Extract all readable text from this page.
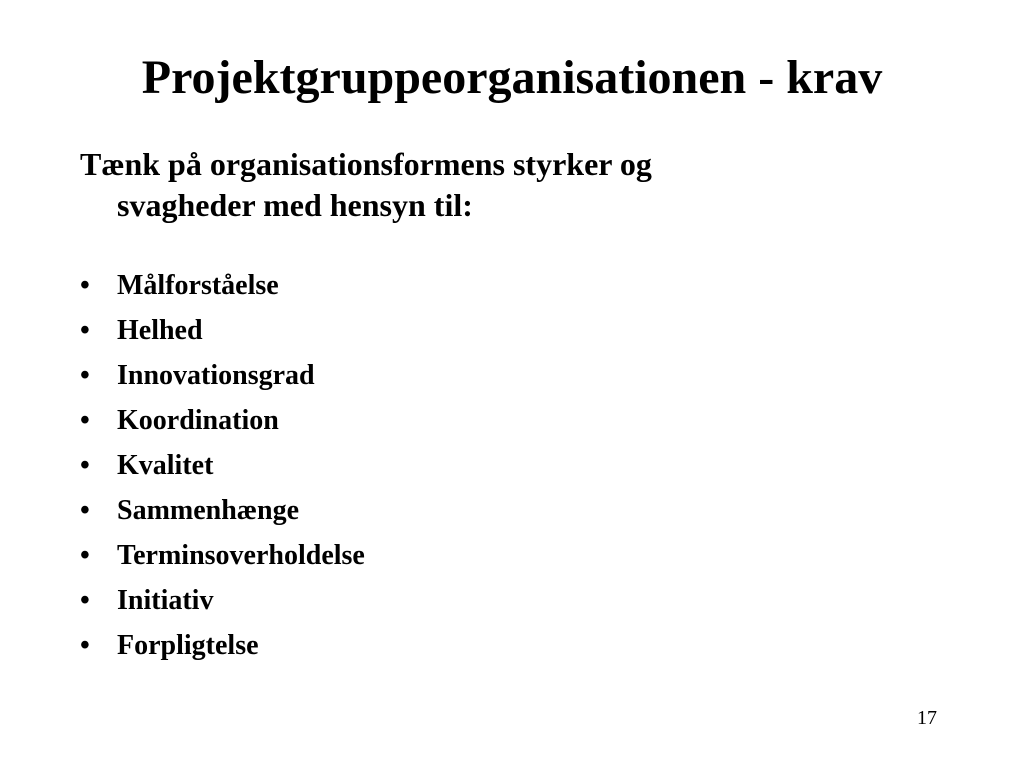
Projektgruppeorganisationen - krav

Tænk på organisationsformens styrker og
svagheder med hensyn til:

• Målforståelse
• Helhed
• Innovationsgrad
• Koordination
• Kvalitet
• Sammenhænge
• Terminsoverholdelse
• Initiativ
• Forpligtelse
17
